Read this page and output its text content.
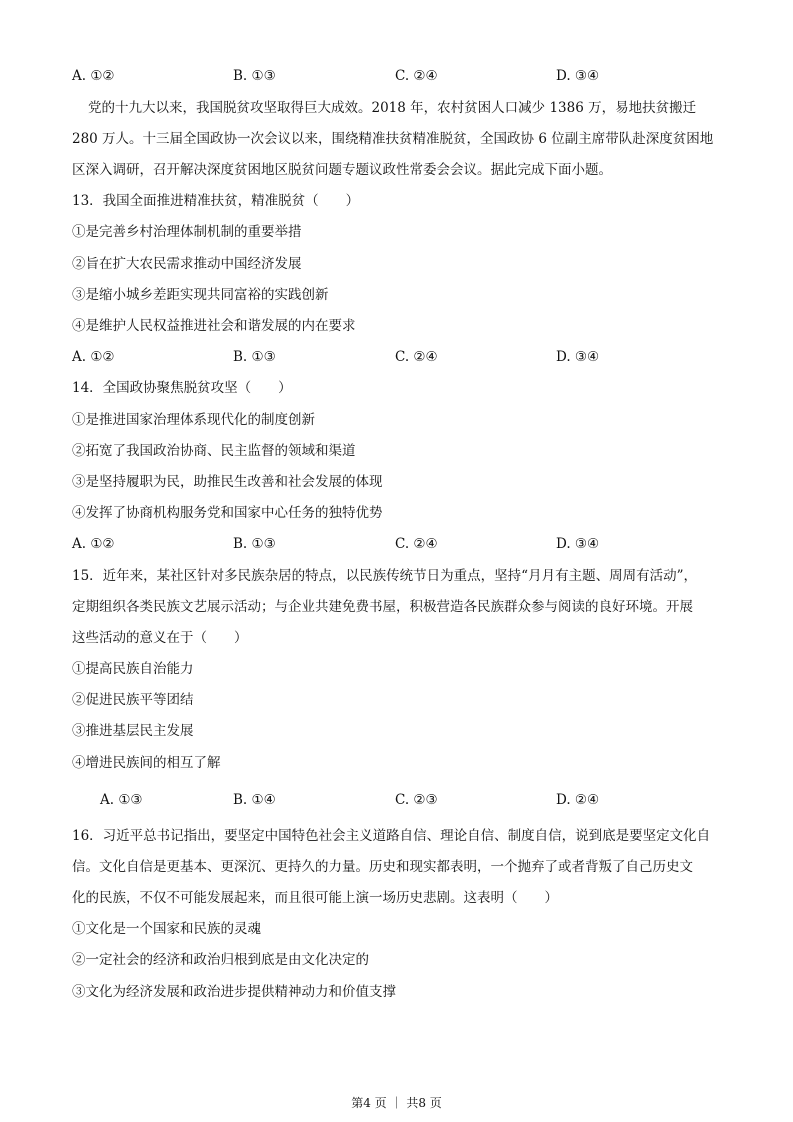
A. ①②	B. ①③	C. ②④	D. ③④
党的十九大以来，我国脱贫攻坚取得巨大成效。2018 年，农村贫困人口减少 1386 万，易地扶贫搬迁
280 万人。十三届全国政协一次会议以来，围绕精准扶贫精准脱贫，全国政协 6 位副主席带队赴深度贫困地
区深入调研，召开解决深度贫困地区脱贫问题专题议政性常委会会议。据此完成下面小题。
13．我国全面推进精准扶贫，精准脱贫（　　）
①是完善乡村治理体制机制的重要举措
②旨在扩大农民需求推动中国经济发展
③是缩小城乡差距实现共同富裕的实践创新
④是维护人民权益推进社会和谐发展的内在要求
A. ①②	B. ①③	C. ②④	D. ③④
14．全国政协聚焦脱贫攻坚（　　）
①是推进国家治理体系现代化的制度创新
②拓宽了我国政治协商、民主监督的领域和渠道
③是坚持履职为民，助推民生改善和社会发展的体现
④发挥了协商机构服务党和国家中心任务的独特优势
A. ①②	B. ①③	C. ②④	D. ③④
15．近年来，某社区针对多民族杂居的特点，以民族传统节日为重点，坚持“月月有主题、周周有活动”，
定期组织各类民族文艺展示活动；与企业共建免费书屋，积极营造各民族群众参与阅读的良好环境。开展
这些活动的意义在于（　　）
①提高民族自治能力
②促进民族平等团结
③推进基层民主发展
④增进民族间的相互了解
A. ①③	B. ①④	C. ②③	D. ②④
16．习近平总书记指出，要坚定中国特色社会主义道路自信、理论自信、制度自信，说到底是要坚定文化自
信。文化自信是更基本、更深沉、更持久的力量。历史和现实都表明，一个抛弃了或者背叛了自己历史文
化的民族，不仅不可能发展起来，而且很可能上演一场历史悲剧。这表明（　　）
①文化是一个国家和民族的灵魂
②一定社会的经济和政治归根到底是由文化决定的
③文化为经济发展和政治进步提供精神动力和价值支撑
第4 页 ｜ 共8 页
